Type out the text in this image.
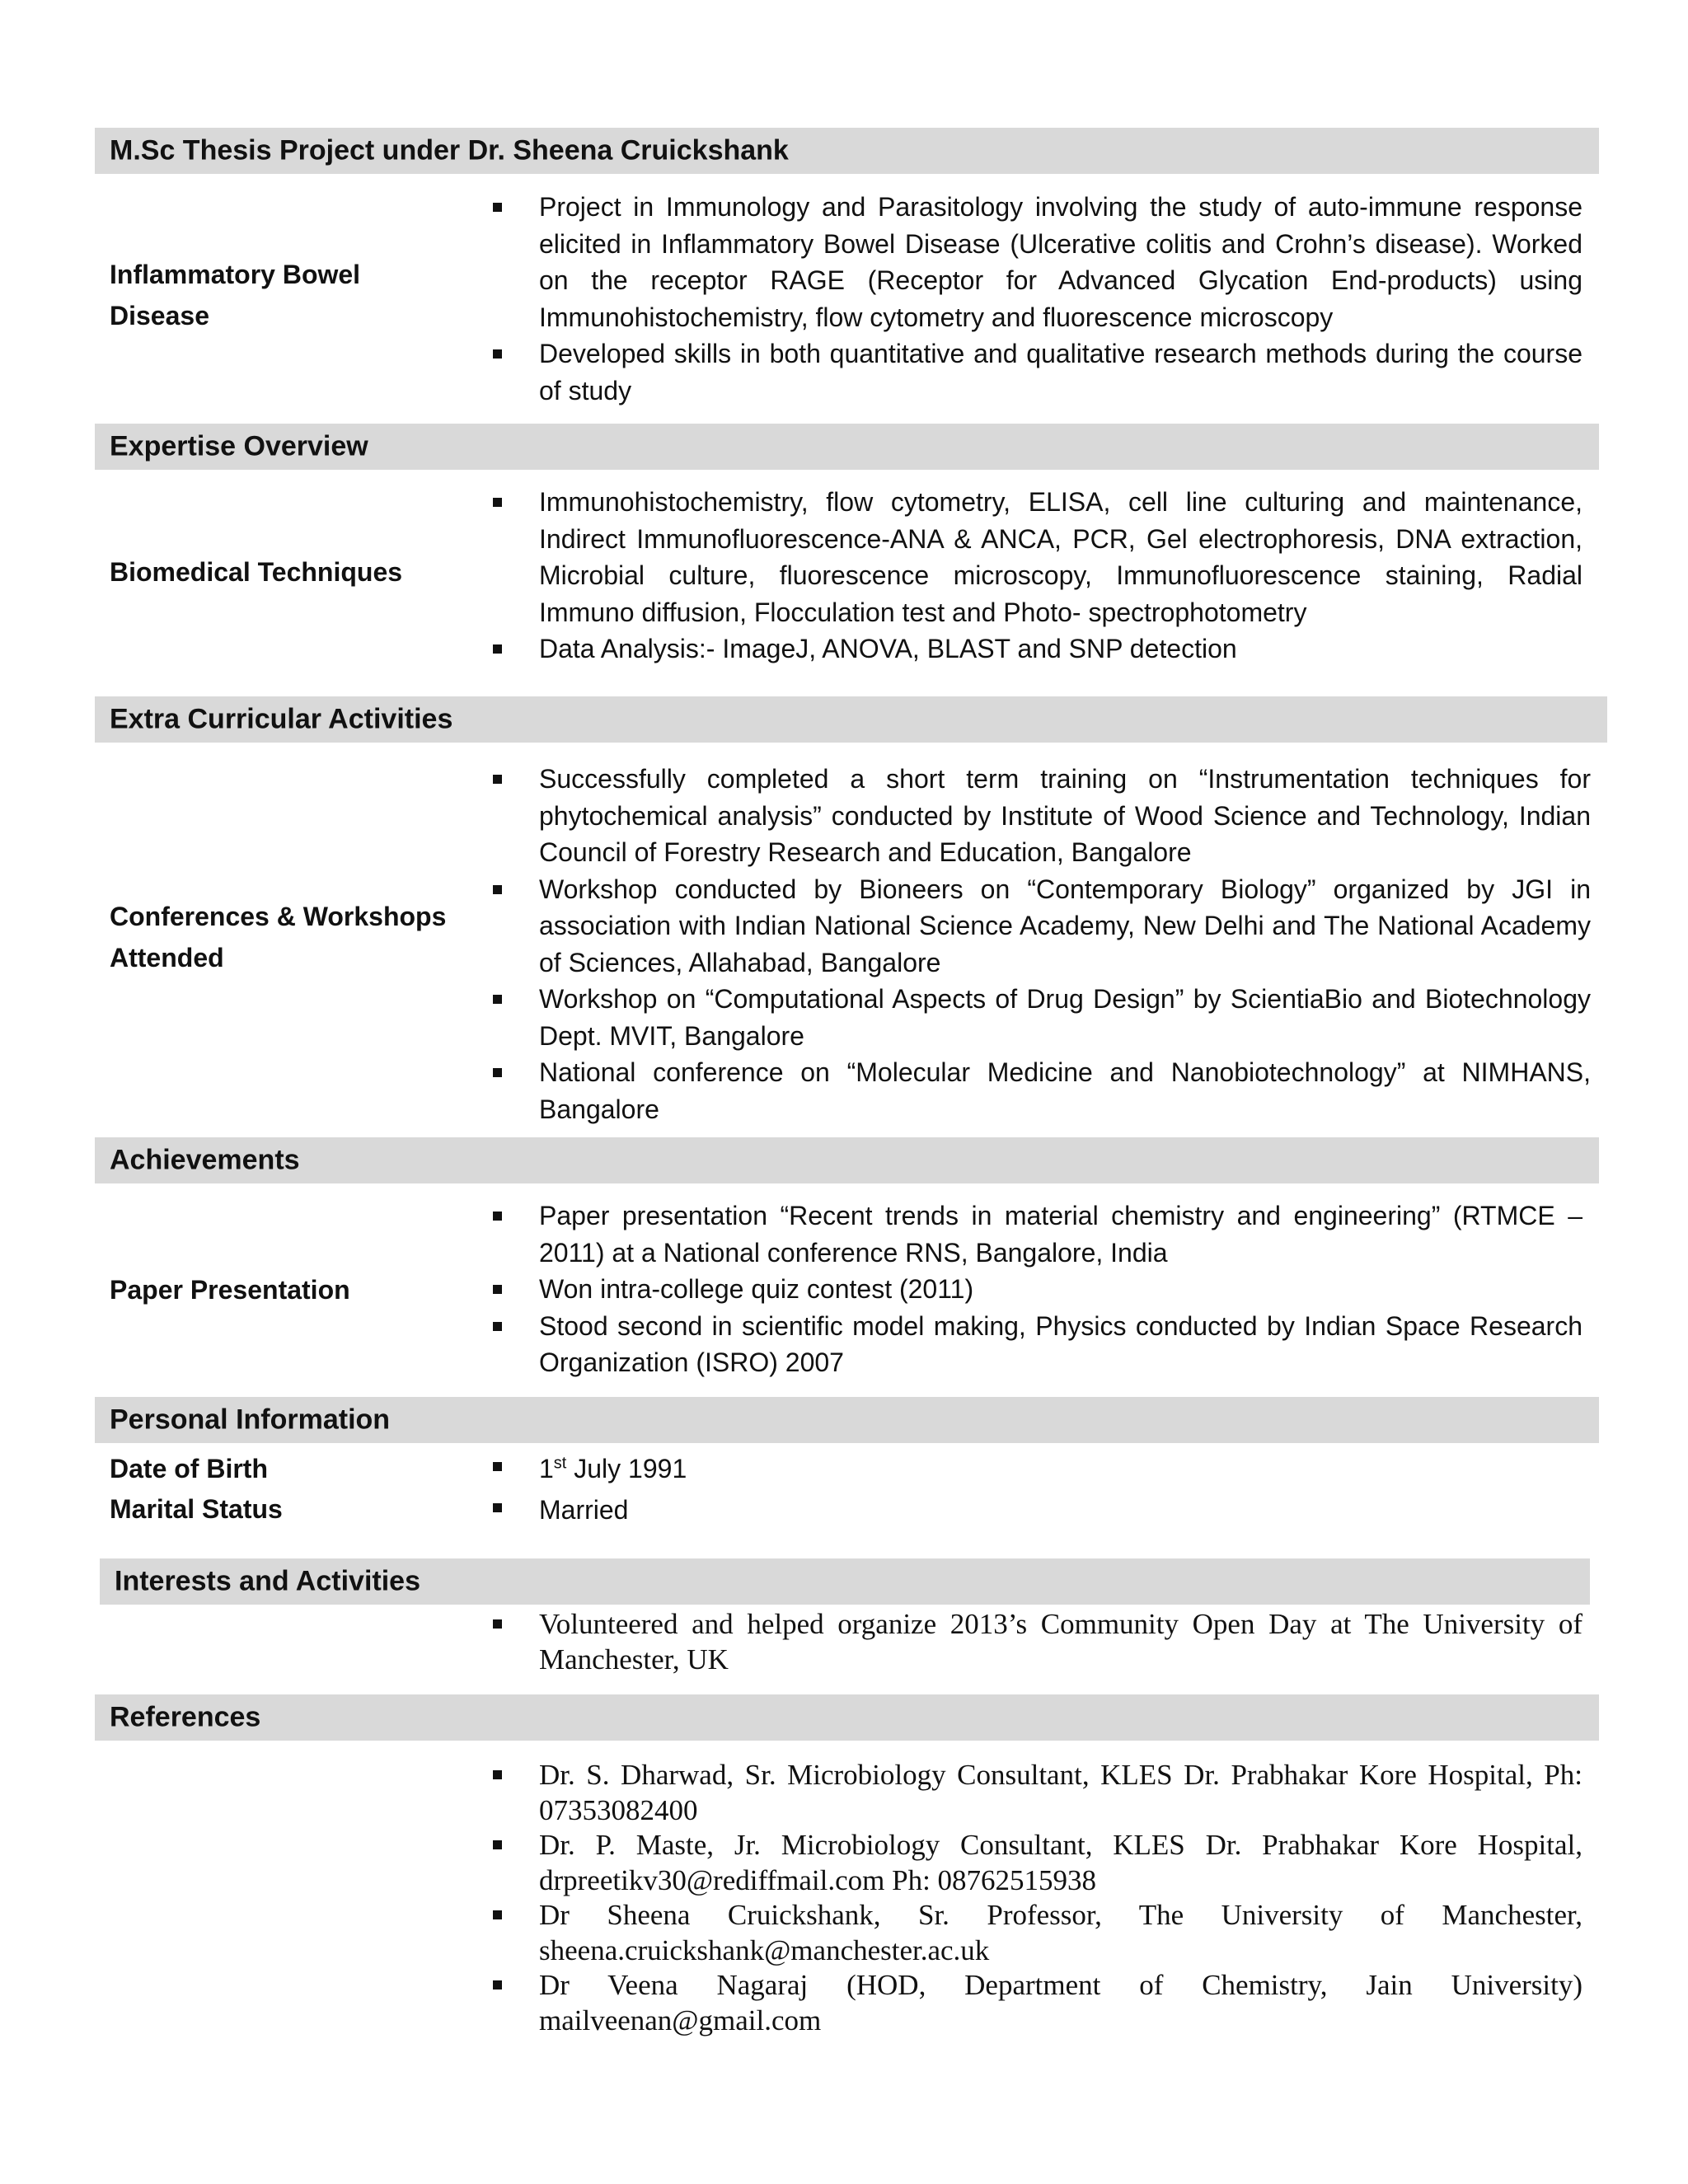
M.Sc Thesis Project under Dr. Sheena Cruickshank
Inflammatory Bowel Disease
Project in Immunology and Parasitology involving the study of auto-immune response elicited in Inflammatory Bowel Disease (Ulcerative colitis and Crohn’s disease). Worked on the receptor RAGE (Receptor for Advanced Glycation End-products) using Immunohistochemistry, flow cytometry and fluorescence microscopy
Developed skills in both quantitative and qualitative research methods during the course of study
Expertise Overview
Biomedical Techniques
Immunohistochemistry, flow cytometry, ELISA, cell line culturing and maintenance, Indirect Immunofluorescence-ANA & ANCA, PCR, Gel electrophoresis, DNA extraction, Microbial culture, fluorescence microscopy, Immunofluorescence staining, Radial Immuno diffusion, Flocculation test and Photo- spectrophotometry
Data Analysis:- ImageJ, ANOVA, BLAST and SNP detection
Extra Curricular Activities
Conferences & Workshops Attended
Successfully completed a short term training on “Instrumentation techniques for phytochemical analysis” conducted by Institute of Wood Science and Technology, Indian Council of Forestry Research and Education, Bangalore
Workshop conducted by Bioneers on “Contemporary Biology” organized by JGI in association with Indian National Science Academy, New Delhi and The National Academy of Sciences, Allahabad, Bangalore
Workshop on “Computational Aspects of Drug Design” by ScientiaBio and Biotechnology Dept. MVIT, Bangalore
National conference on “Molecular Medicine and Nanobiotechnology” at NIMHANS, Bangalore
Achievements
Paper Presentation
Paper presentation “Recent trends in material chemistry and engineering” (RTMCE – 2011) at a National conference RNS, Bangalore, India
Won intra-college quiz contest (2011)
Stood second in scientific model making, Physics conducted by Indian Space Research Organization (ISRO) 2007
Personal Information
Date of Birth
Marital Status
1st July 1991
Married
Interests and Activities
Volunteered and helped organize 2013’s Community Open Day at The University of Manchester, UK
References
Dr. S. Dharwad, Sr. Microbiology Consultant, KLES Dr. Prabhakar Kore Hospital, Ph: 07353082400
Dr. P. Maste, Jr. Microbiology Consultant, KLES Dr. Prabhakar Kore Hospital, drpreetikv30@rediffmail.com Ph: 08762515938
Dr Sheena Cruickshank, Sr. Professor, The University of Manchester, sheena.cruickshank@manchester.ac.uk
Dr Veena Nagaraj (HOD, Department of Chemistry, Jain University) mailveenan@gmail.com
